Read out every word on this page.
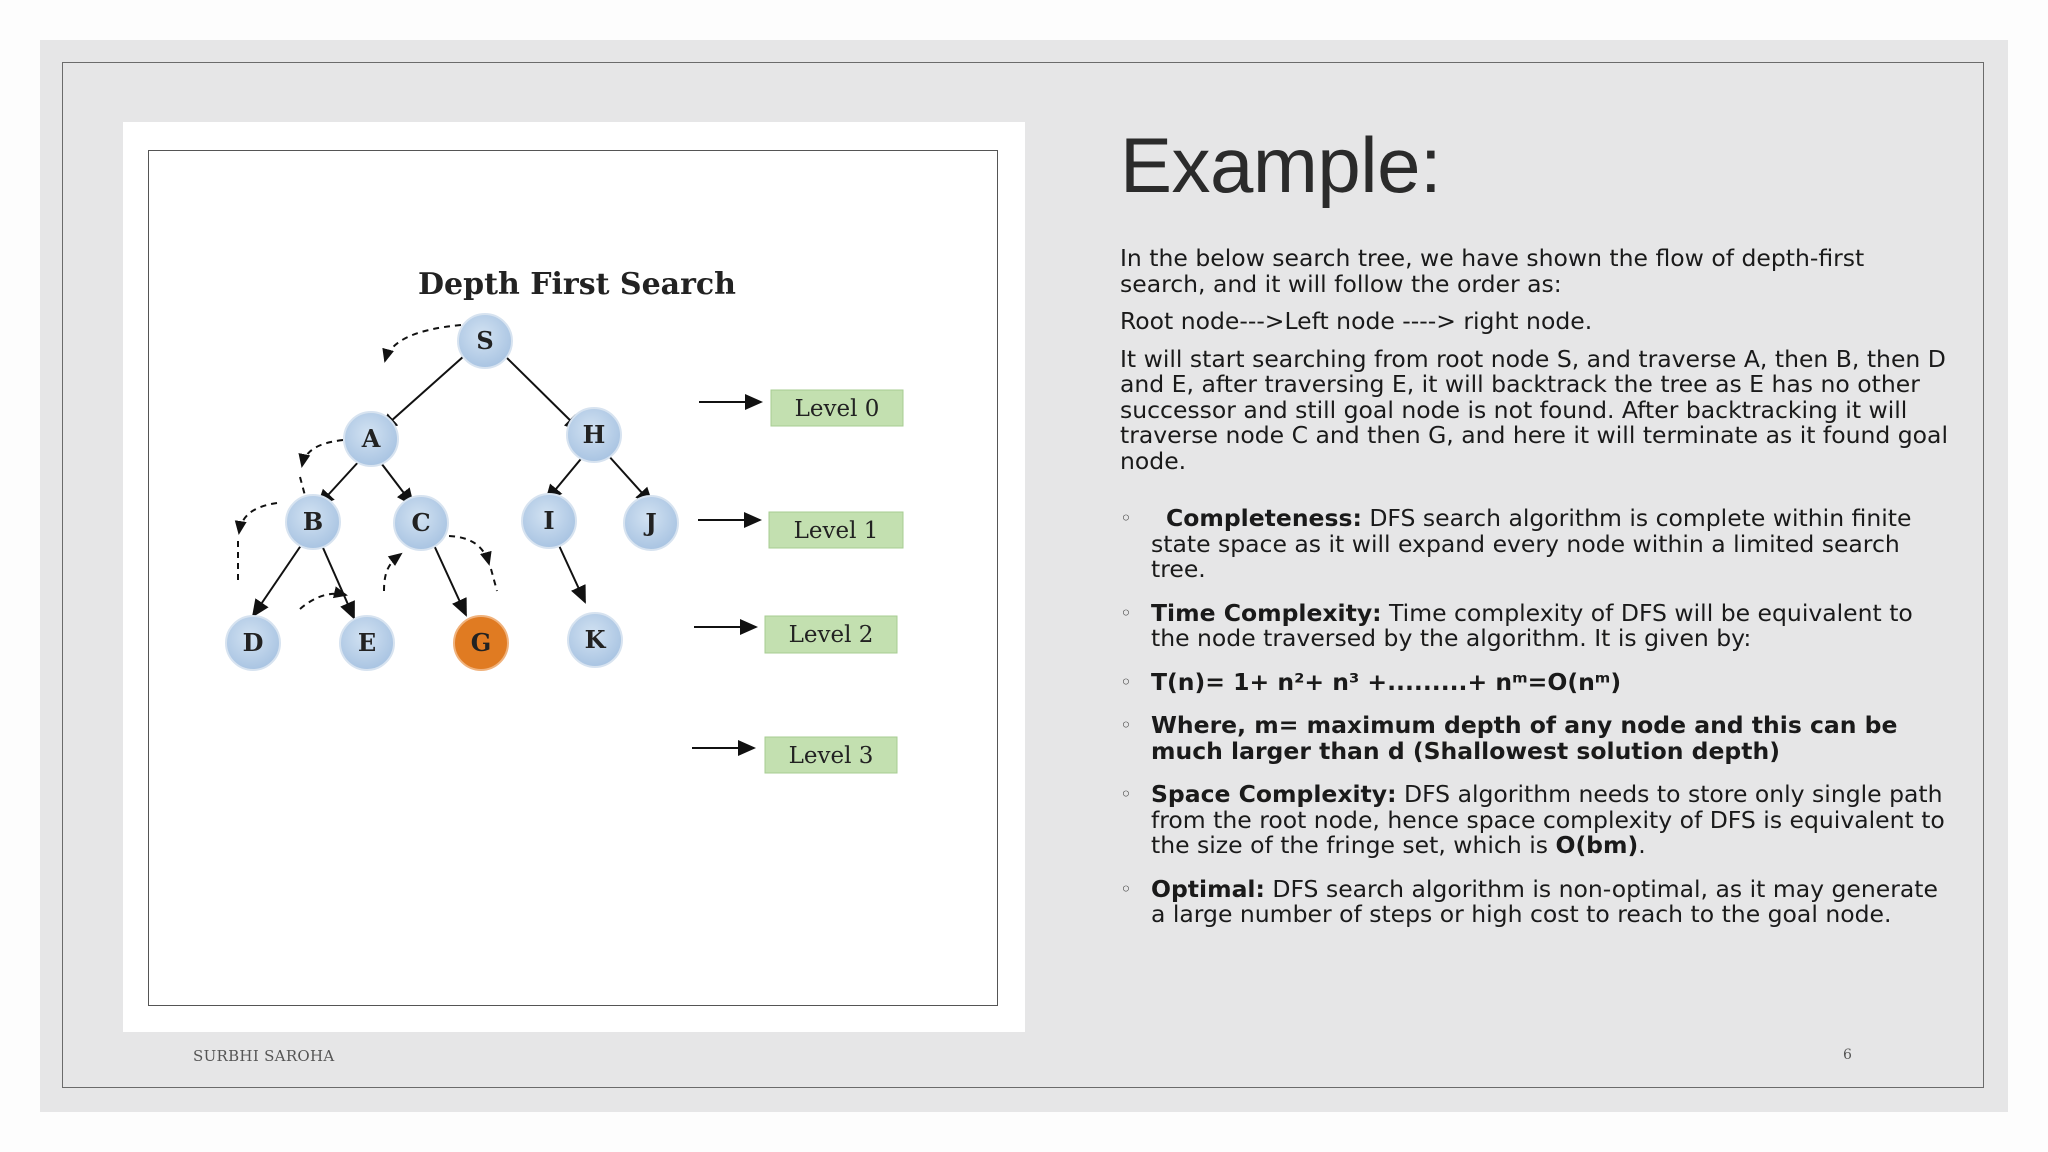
Depth First Search
S
A	H
B	C	I	J
D	E	G	K
Level 0
Level 1
Level 2
Level 3
Example:

In the below search tree, we have shown the flow of depth-first search, and it will follow the order as:

Root node--->Left node ----> right node.

It will start searching from root node S, and traverse A, then B, then D and E, after traversing E, it will backtrack the tree as E has no other successor and still goal node is not found. After backtracking it will traverse node C and then G, and here it will terminate as it found goal node.

◦ Completeness: DFS search algorithm is complete within finite state space as it will expand every node within a limited search tree.
◦ Time Complexity: Time complexity of DFS will be equivalent to the node traversed by the algorithm. It is given by:
◦ T(n)= 1+ n²+ n³ +.........+ nᵐ=O(nᵐ)
◦ Where, m= maximum depth of any node and this can be much larger than d (Shallowest solution depth)
◦ Space Complexity: DFS algorithm needs to store only single path from the root node, hence space complexity of DFS is equivalent to the size of the fringe set, which is O(bm).
◦ Optimal: DFS search algorithm is non-optimal, as it may generate a large number of steps or high cost to reach to the goal node.
SURBHI SAROHA	6
